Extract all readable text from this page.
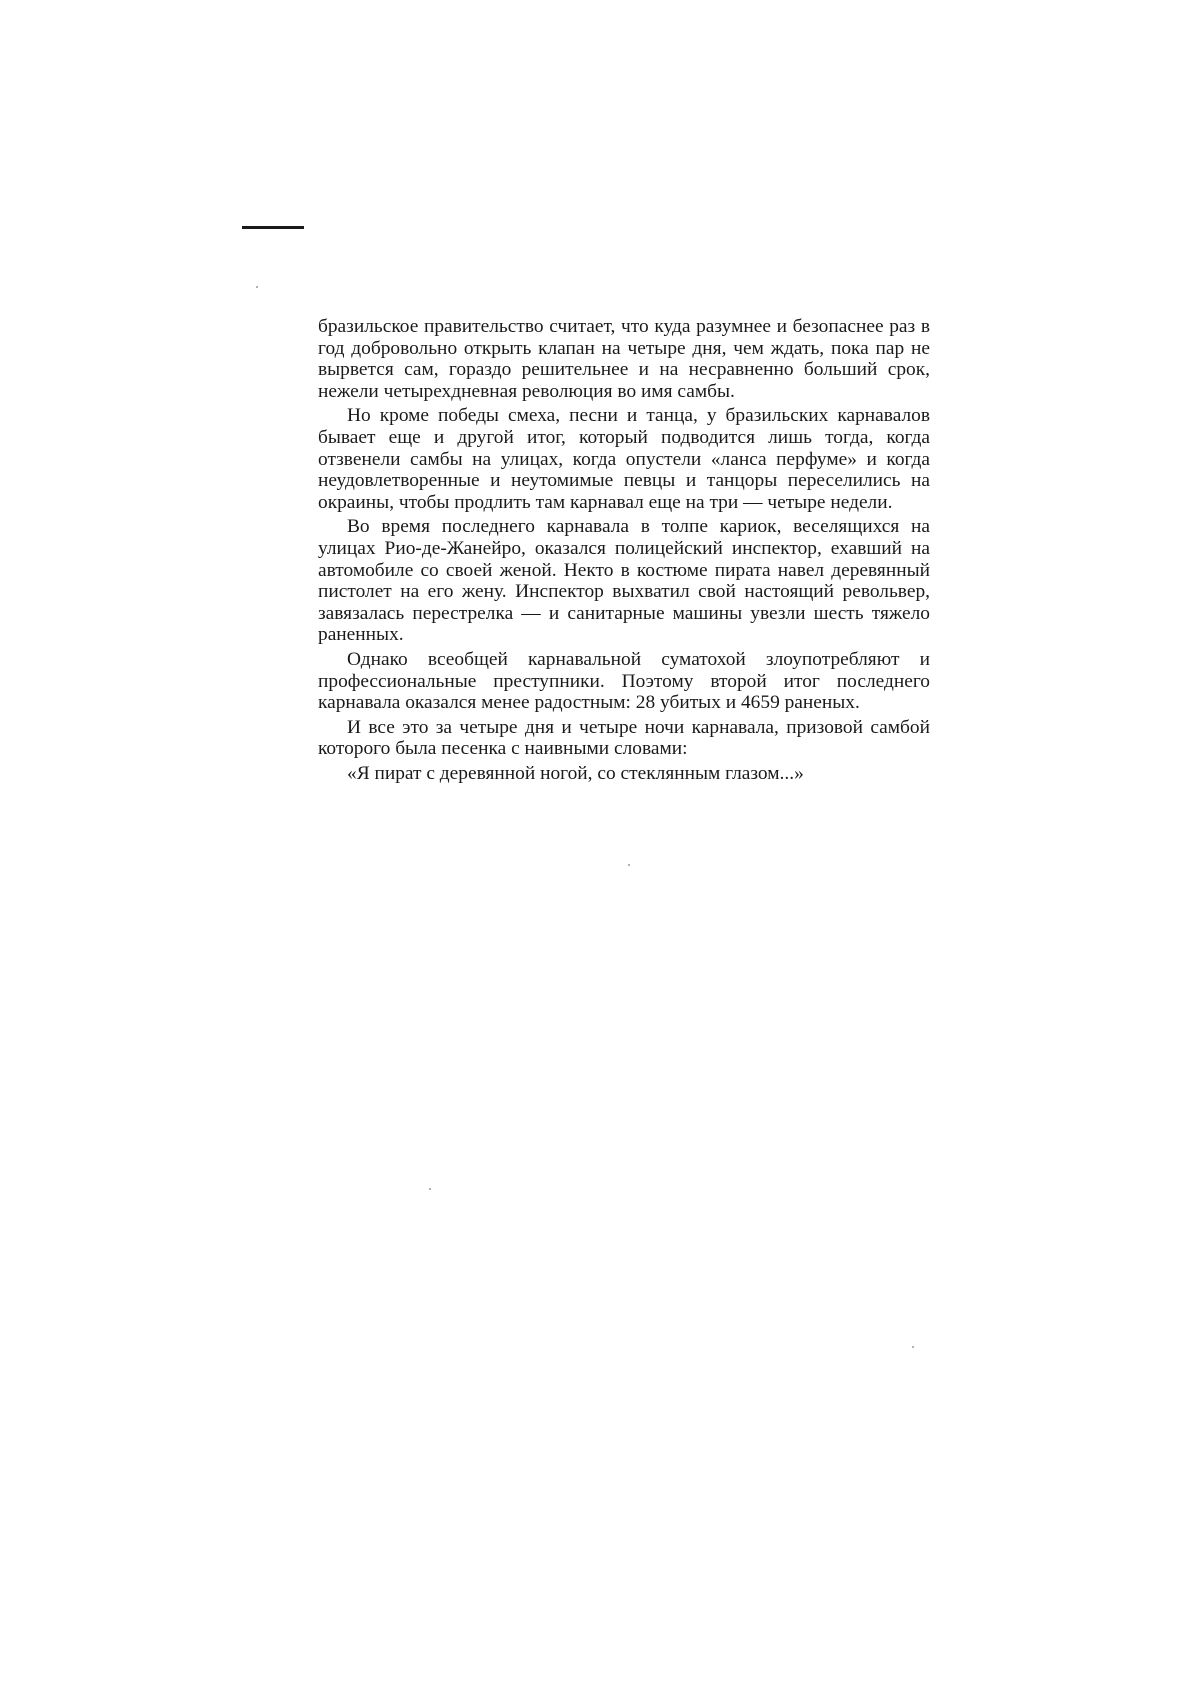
бразильское правительство считает, что куда разумнее и безопаснее раз в год добровольно открыть клапан на четыре дня, чем ждать, пока пар не вырвется сам, гораздо решительнее и на несравненно больший срок, нежели четырехдневная революция во имя самбы.

Но кроме победы смеха, песни и танца, у бразильских карнавалов бывает еще и другой итог, который подводится лишь тогда, когда отзвенели самбы на улицах, когда опустели «ланса перфуме» и когда неудовлетворенные и неутомимые певцы и танцоры переселились на окраины, чтобы продлить там карнавал еще на три — четыре недели.

Во время последнего карнавала в толпе кариок, веселящихся на улицах Рио-де-Жанейро, оказался полицейский инспектор, ехавший на автомобиле со своей женой. Некто в костюме пирата навел деревянный пистолет на его жену. Инспектор выхватил свой настоящий револьвер, завязалась перестрелка — и санитарные машины увезли шесть тяжело раненных.

Однако всеобщей карнавальной суматохой злоупотребляют и профессиональные преступники. Поэтому второй итог последнего карнавала оказался менее радостным: 28 убитых и 4659 раненых.

И все это за четыре дня и четыре ночи карнавала, призовой самбой которого была песенка с наивными словами:

«Я пират с деревянной ногой, со стеклянным глазом...»
